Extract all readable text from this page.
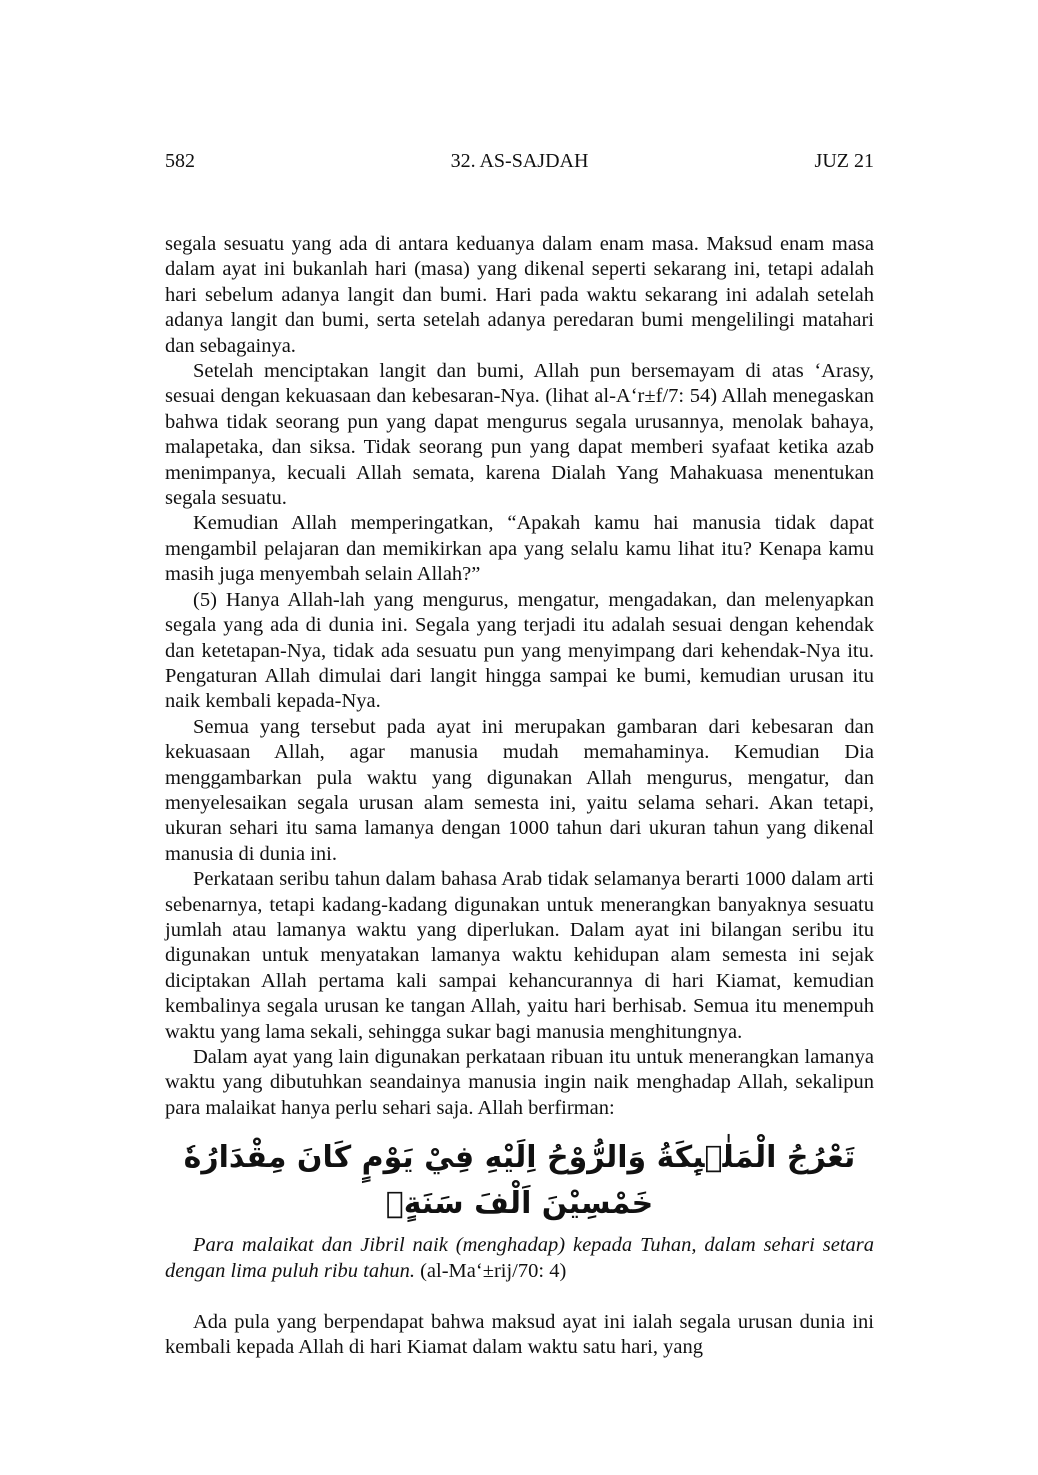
582	32. AS-SAJDAH	JUZ 21

segala sesuatu yang ada di antara keduanya dalam enam masa. Maksud enam masa dalam ayat ini bukanlah hari (masa) yang dikenal seperti sekarang ini, tetapi adalah hari sebelum adanya langit dan bumi. Hari pada waktu sekarang ini adalah setelah adanya langit dan bumi, serta setelah adanya peredaran bumi mengelilingi matahari dan sebagainya.

Setelah menciptakan langit dan bumi, Allah pun bersemayam di atas ‘Arasy, sesuai dengan kekuasaan dan kebesaran-Nya. (lihat al-A‘r±f/7: 54) Allah menegaskan bahwa tidak seorang pun yang dapat mengurus segala urusannya, menolak bahaya, malapetaka, dan siksa. Tidak seorang pun yang dapat memberi syafaat ketika azab menimpanya, kecuali Allah semata, karena Dialah Yang Mahakuasa menentukan segala sesuatu.

Kemudian Allah memperingatkan, “Apakah kamu hai manusia tidak dapat mengambil pelajaran dan memikirkan apa yang selalu kamu lihat itu? Kenapa kamu masih juga menyembah selain Allah?”

(5) Hanya Allah-lah yang mengurus, mengatur, mengadakan, dan melenyapkan segala yang ada di dunia ini. Segala yang terjadi itu adalah sesuai dengan kehendak dan ketetapan-Nya, tidak ada sesuatu pun yang menyimpang dari kehendak-Nya itu. Pengaturan Allah dimulai dari langit hingga sampai ke bumi, kemudian urusan itu naik kembali kepada-Nya.

Semua yang tersebut pada ayat ini merupakan gambaran dari kebesaran dan kekuasaan Allah, agar manusia mudah memahaminya. Kemudian Dia menggambarkan pula waktu yang digunakan Allah mengurus, mengatur, dan menyelesaikan segala urusan alam semesta ini, yaitu selama sehari. Akan tetapi, ukuran sehari itu sama lamanya dengan 1000 tahun dari ukuran tahun yang dikenal manusia di dunia ini.

Perkataan seribu tahun dalam bahasa Arab tidak selamanya berarti 1000 dalam arti sebenarnya, tetapi kadang-kadang digunakan untuk menerangkan banyaknya sesuatu jumlah atau lamanya waktu yang diperlukan. Dalam ayat ini bilangan seribu itu digunakan untuk menyatakan lamanya waktu kehidupan alam semesta ini sejak diciptakan Allah pertama kali sampai kehancurannya di hari Kiamat, kemudian kembalinya segala urusan ke tangan Allah, yaitu hari berhisab. Semua itu menempuh waktu yang lama sekali, sehingga sukar bagi manusia menghitungnya.

Dalam ayat yang lain digunakan perkataan ribuan itu untuk menerangkan lamanya waktu yang dibutuhkan seandainya manusia ingin naik menghadap Allah, sekalipun para malaikat hanya perlu sehari saja. Allah berfirman:

تَعْرُجُ الْمَلٰۤىِٕكَةُ وَالرُّوْحُ اِلَيْهِ فِيْ يَوْمٍ كَانَ مِقْدَارُهٗ خَمْسِيْنَ اَلْفَ سَنَةٍۚ

Para malaikat dan Jibril naik (menghadap) kepada Tuhan, dalam sehari setara dengan lima puluh ribu tahun. (al-Ma‘±rij/70: 4)

Ada pula yang berpendapat bahwa maksud ayat ini ialah segala urusan dunia ini kembali kepada Allah di hari Kiamat dalam waktu satu hari, yang
